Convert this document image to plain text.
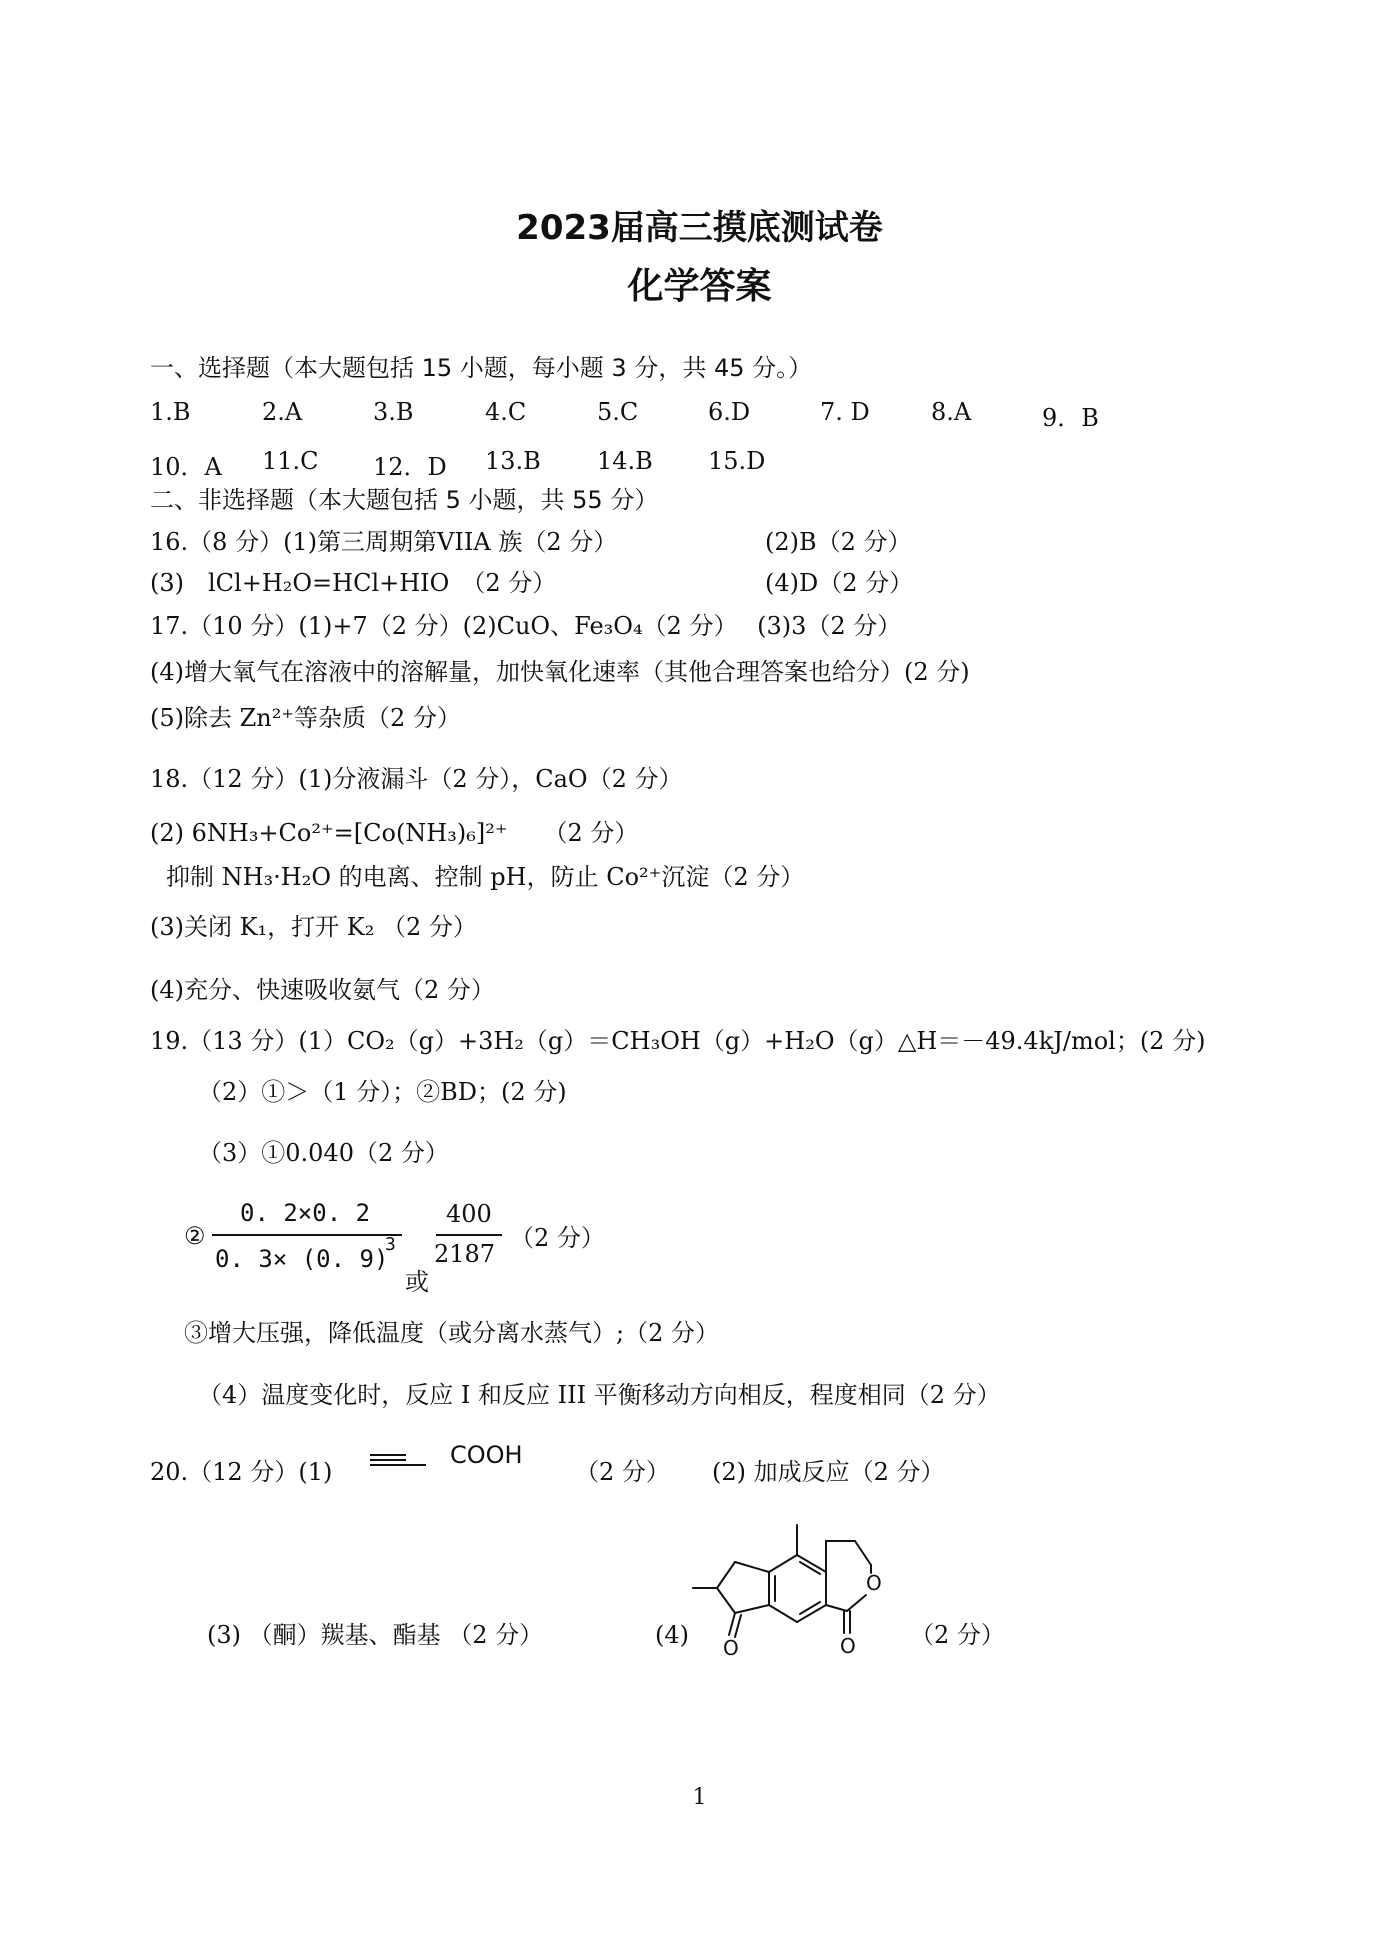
2023届高三摸底测试卷
化学答案
一、选择题（本大题包括 15 小题，每小题 3 分，共 45 分。）
1.B	2.A	3.B	4.C	5.C	6.D	7. D	8.A	9．B
10．A 11.C 12．D 13.B 14.B 15.D
二、非选择题（本大题包括 5 小题，共 55 分）
16.（8 分）(1)第三周期第VIIA 族（2 分）	(2)B（2 分）
(3)　lCl+H₂O=HCl+HIO　（2 分）	(4)D（2 分）
17.（10 分）(1)+7（2 分）(2)CuO、Fe₃O₄（2 分）　 (3)3（2 分）
(4)增大氧气在溶液中的溶解量，加快氧化速率（其他合理答案也给分）(2 分)
(5)除去 Zn²⁺等杂质（2 分）
18.（12 分）(1)分液漏斗（2 分），CaO（2 分）
(2) 6NH₃+Co²⁺=[Co(NH₃)₆]²⁺　　（2 分）
抑制 NH₃·H₂O 的电离、控制 pH，防止 Co²⁺沉淀（2 分）
(3)关闭 K₁，打开 K₂ （2 分）
(4)充分、快速吸收氨气（2 分）
19.（13 分）(1）CO₂（g）+3H₂（g）＝CH₃OH（g）+H₂O（g）△H＝－49.4kJ/mol；(2 分)
（2）①＞（1 分）；②BD；(2 分)
（3）①0.040（2 分）
②
0. 2×0. 2
0. 3× (0. 9)
3
或
400
2187
（2 分）
③增大压强，降低温度（或分离水蒸气）;（2 分）
（4）温度变化时，反应 I 和反应 III 平衡移动方向相反，程度相同（2 分）
20.（12 分）(1)
COOH
（2 分） (2) 加成反应（2 分）
(3) （酮）羰基、酯基 （2 分）	(4)
O
O	O （2 分）
1
